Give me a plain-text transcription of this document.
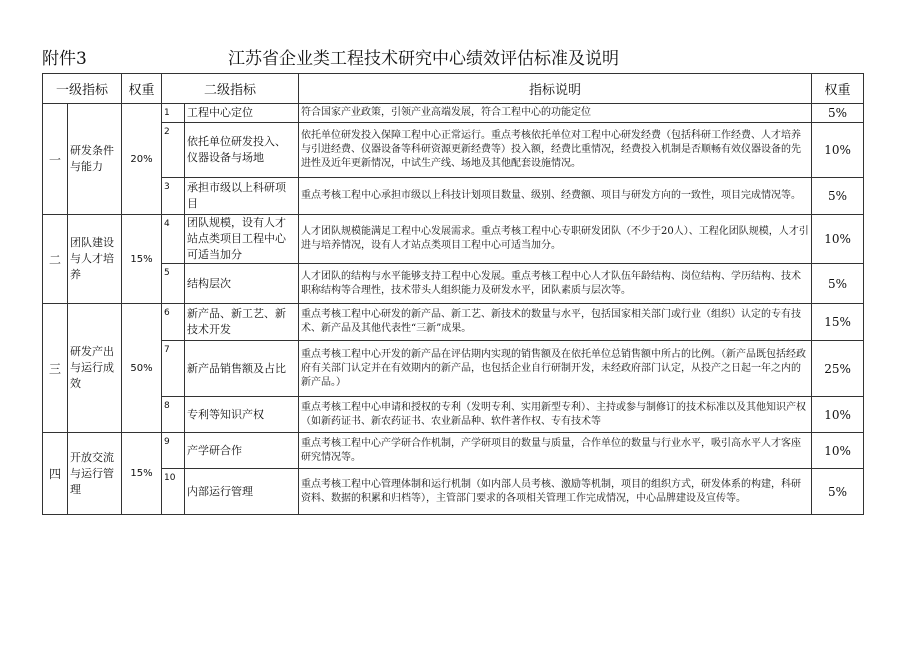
附件3	江苏省企业类工程技术研究中心绩效评估标准及说明
一级指标		权重	二级指标		指标说明	权重
一	研发条件与能力	20%	1	工程中心定位	符合国家产业政策，引领产业高端发展，符合工程中心的功能定位	5%
			2	依托单位研发投入、仪器设备与场地	依托单位研发投入保障工程中心正常运行。重点考核依托单位对工程中心研发经费（包括科研工作经费、人才培养与引进经费、仪器设备等科研资源更新经费等）投入额，经费比重情况，经费投入机制是否顺畅有效仪器设备的先进性及近年更新情况，中试生产线、场地及其他配套设施情况。	10%
			3	承担市级以上科研项目	重点考核工程中心承担市级以上科技计划项目数量、级别、经费额、项目与研发方向的一致性，项目完成情况等。	5%
二	团队建设与人才培养	15%	4	团队规模，设有人才站点类项目工程中心可适当加分	人才团队规模能满足工程中心发展需求。重点考核工程中心专职研发团队（不少于20人）、工程化团队规模，人才引进与培养情况，设有人才站点类项目工程中心可适当加分。	10%
			5	结构层次	人才团队的结构与水平能够支持工程中心发展。重点考核工程中心人才队伍年龄结构、岗位结构、学历结构、技术职称结构等合理性，技术带头人组织能力及研发水平，团队素质与层次等。	5%
三	研发产出与运行成效	50%	6	新产品、新工艺、新技术开发	重点考核工程中心研发的新产品、新工艺、新技术的数量与水平，包括国家相关部门或行业（组织）认定的专有技术、新产品及其他代表性“三新”成果。	15%
			7	新产品销售额及占比	重点考核工程中心开发的新产品在评估期内实现的销售额及在依托单位总销售额中所占的比例。（新产品既包括经政府有关部门认定并在有效期内的新产品，也包括企业自行研制开发，未经政府部门认定，从投产之日起一年之内的新产品。）	25%
			8	专利等知识产权	重点考核工程中心申请和授权的专利（发明专利、实用新型专利）、主持或参与制修订的技术标准以及其他知识产权（如新药证书、新农药证书、农业新品种、软件著作权、专有技术等	10%
四	开放交流与运行管理	15%	9	产学研合作	重点考核工程中心产学研合作机制，产学研项目的数量与质量，合作单位的数量与行业水平，吸引高水平人才客座研究情况等。	10%
			10	内部运行管理	重点考核工程中心管理体制和运行机制（如内部人员考核、激励等机制，项目的组织方式，研发体系的构建，科研资料、数据的积累和归档等），主管部门要求的各项相关管理工作完成情况，中心品牌建设及宣传等。	5%
